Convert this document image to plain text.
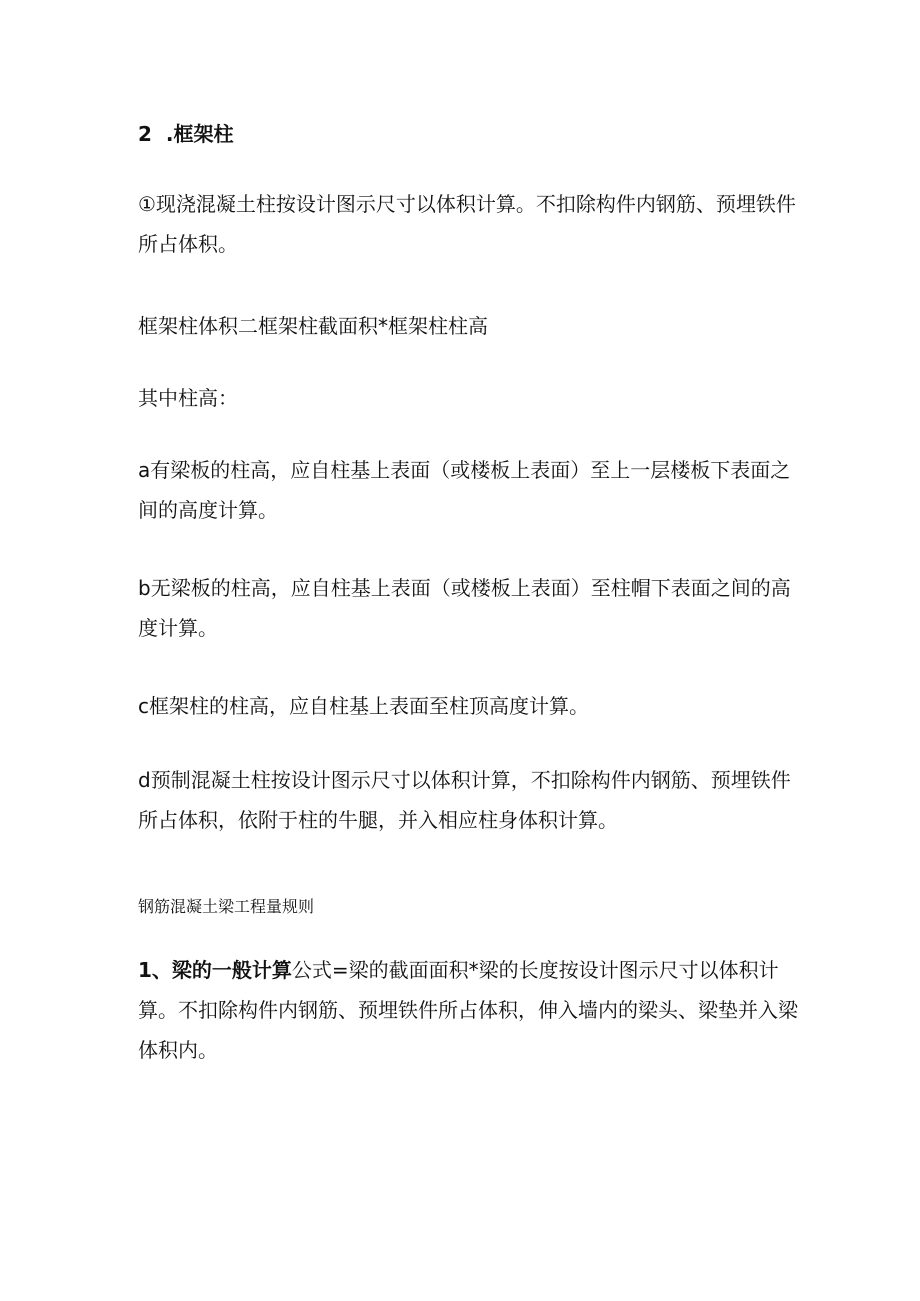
2 .框架柱

①现浇混凝土柱按设计图示尺寸以体积计算。不扣除构件内钢筋、预埋铁件所占体积。

框架柱体积二框架柱截面积*框架柱柱高

其中柱高：

a有梁板的柱高，应自柱基上表面（或楼板上表面）至上一层楼板下表面之间的高度计算。

b无梁板的柱高，应自柱基上表面（或楼板上表面）至柱帽下表面之间的高度计算。

c框架柱的柱高，应自柱基上表面至柱顶高度计算。

d预制混凝土柱按设计图示尺寸以体积计算，不扣除构件内钢筋、预埋铁件所占体积，依附于柱的牛腿，并入相应柱身体积计算。

钢筋混凝土梁工程量规则

1、梁的一般计算公式=梁的截面面积*梁的长度按设计图示尺寸以体积计算。不扣除构件内钢筋、预埋铁件所占体积，伸入墙内的梁头、梁垫并入梁体积内。
